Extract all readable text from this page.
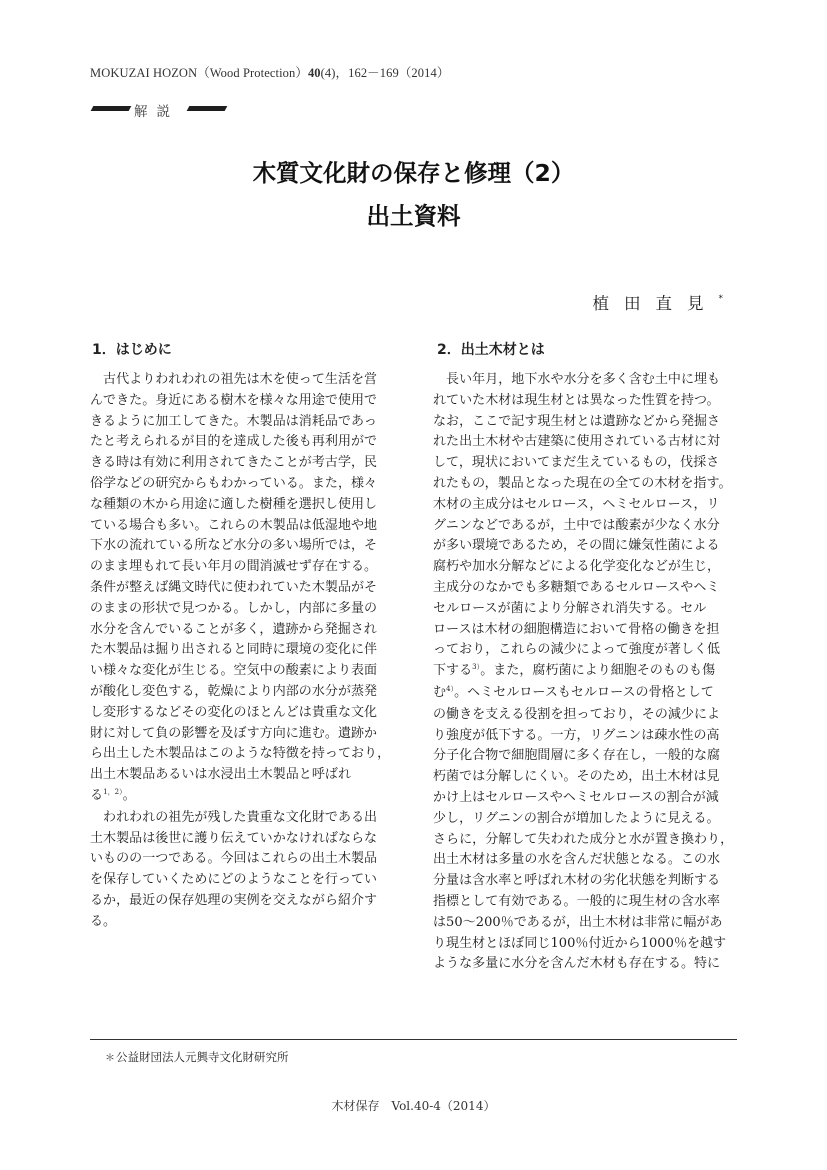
MOKUZAI HOZON（Wood Protection）40(4)，162－169（2014）
解説
木質文化財の保存と修理（2）
出土資料
植田直見*
1．はじめに	2．出土木材とは
　古代よりわれわれの祖先は木を使って生活を営
んできた。身近にある樹木を様々な用途で使用で
きるように加工してきた。木製品は消耗品であっ
たと考えられるが目的を達成した後も再利用がで
きる時は有効に利用されてきたことが考古学，民
俗学などの研究からもわかっている。また，様々
な種類の木から用途に適した樹種を選択し使用し
ている場合も多い。これらの木製品は低湿地や地
下水の流れている所など水分の多い場所では，そ
のまま埋もれて長い年月の間消滅せず存在する。
条件が整えば縄文時代に使われていた木製品がそ
のままの形状で見つかる。しかし，内部に多量の
水分を含んでいることが多く，遺跡から発掘され
た木製品は掘り出されると同時に環境の変化に伴
い様々な変化が生じる。空気中の酸素により表面
が酸化し変色する，乾燥により内部の水分が蒸発
し変形するなどその変化のほとんどは貴重な文化
財に対して負の影響を及ぼす方向に進む。遺跡か
ら出土した木製品はこのような特徴を持っており，
出土木製品あるいは水浸出土木製品と呼ばれ
る$^{1,2)}$。
　われわれの祖先が残した貴重な文化財である出
土木製品は後世に護り伝えていかなければならな
いものの一つである。今回はこれらの出土木製品
を保存していくためにどのようなことを行ってい
るか，最近の保存処理の実例を交えながら紹介す
る。
　長い年月，地下水や水分を多く含む土中に埋も
れていた木材は現生材とは異なった性質を持つ。
なお，ここで記す現生材とは遺跡などから発掘さ
れた出土木材や古建築に使用されている古材に対
して，現状においてまだ生えているもの，伐採さ
れたもの，製品となった現在の全ての木材を指す。
木材の主成分はセルロース，ヘミセルロース，リ
グニンなどであるが，土中では酸素が少なく水分
が多い環境であるため，その間に嫌気性菌による
腐朽や加水分解などによる化学変化などが生じ，
主成分のなかでも多糖類であるセルロースやヘミ
セルロースが菌により分解され消失する。セル
ロースは木材の細胞構造において骨格の働きを担
っており，これらの減少によって強度が著しく低
下する$^{3)}$。また，腐朽菌により細胞そのものも傷
む$^{4)}$。ヘミセルロースもセルロースの骨格として
の働きを支える役割を担っており，その減少によ
り強度が低下する。一方，リグニンは疎水性の高
分子化合物で細胞間層に多く存在し，一般的な腐
朽菌では分解しにくい。そのため，出土木材は見
かけ上はセルロースやヘミセルロースの割合が減
少し，リグニンの割合が増加したように見える。
さらに，分解して失われた成分と水が置き換わり，
出土木材は多量の水を含んだ状態となる。この水
分量は含水率と呼ばれ木材の劣化状態を判断する
指標として有効である。一般的に現生材の含水率
は50～200％であるが，出土木材は非常に幅があ
り現生材とほぼ同じ100％付近から1000％を越す
ような多量に水分を含んだ木材も存在する。特に
＊公益財団法人元興寺文化財研究所
木材保存　Vol.40-4（2014）
